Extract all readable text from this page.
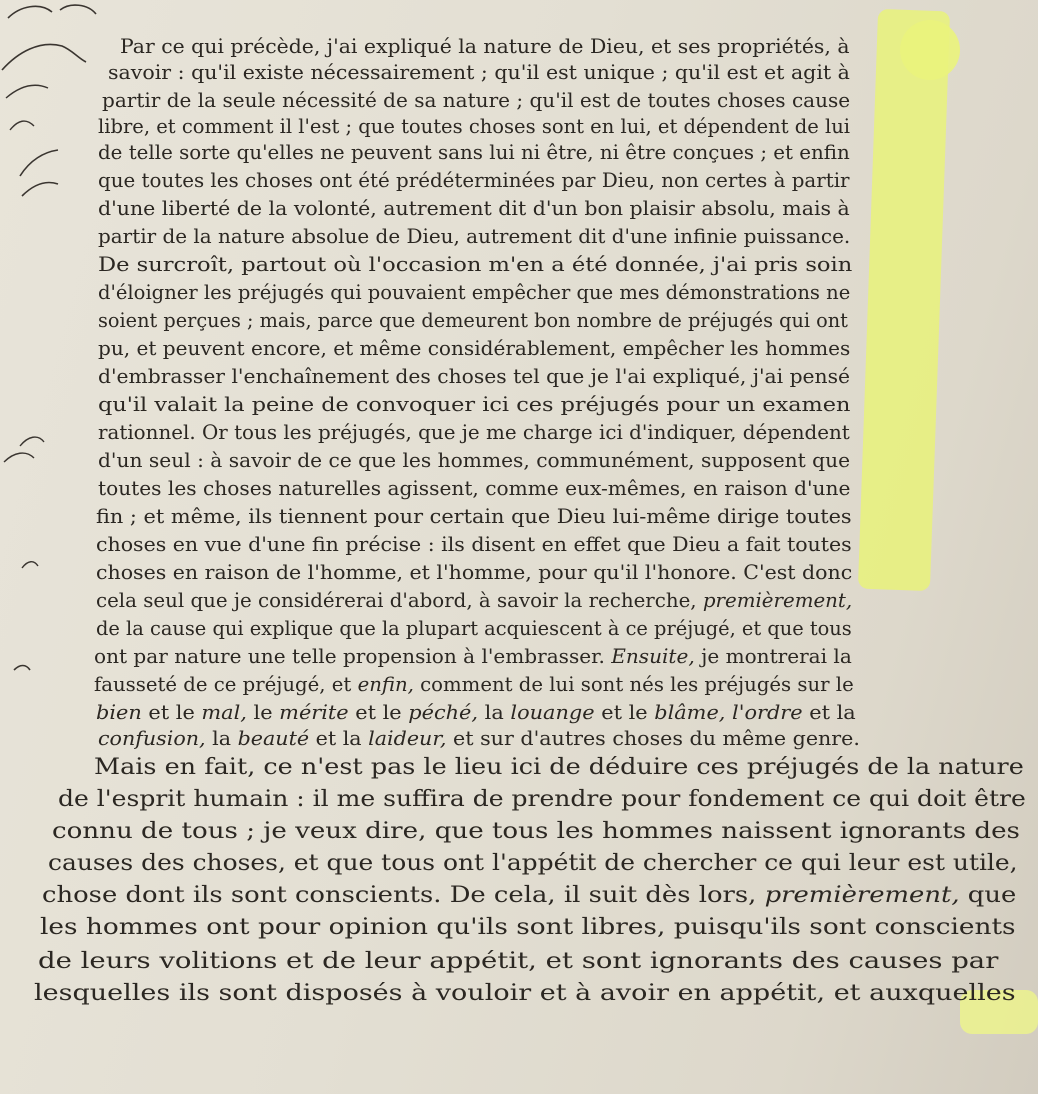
Par ce qui précède, j'ai expliqué la nature de Dieu, et ses propriétés, à
savoir : qu'il existe nécessairement ; qu'il est unique ; qu'il est et agit à
partir de la seule nécessité de sa nature ; qu'il est de toutes choses cause
libre, et comment il l'est ; que toutes choses sont en lui, et dépendent de lui
de telle sorte qu'elles ne peuvent sans lui ni être, ni être conçues ; et enfin
que toutes les choses ont été prédéterminées par Dieu, non certes à partir
d'une liberté de la volonté, autrement dit d'un bon plaisir absolu, mais à
partir de la nature absolue de Dieu, autrement dit d'une infinie puissance.
De surcroît, partout où l'occasion m'en a été donnée, j'ai pris soin
d'éloigner les préjugés qui pouvaient empêcher que mes démonstrations ne
soient perçues ; mais, parce que demeurent bon nombre de préjugés qui ont
pu, et peuvent encore, et même considérablement, empêcher les hommes
d'embrasser l'enchaînement des choses tel que je l'ai expliqué, j'ai pensé
qu'il valait la peine de convoquer ici ces préjugés pour un examen
rationnel. Or tous les préjugés, que je me charge ici d'indiquer, dépendent
d'un seul : à savoir de ce que les hommes, communément, supposent que
toutes les choses naturelles agissent, comme eux-mêmes, en raison d'une
fin ; et même, ils tiennent pour certain que Dieu lui-même dirige toutes
choses en vue d'une fin précise : ils disent en effet que Dieu a fait toutes
choses en raison de l'homme, et l'homme, pour qu'il l'honore. C'est donc
cela seul que je considérerai d'abord, à savoir la recherche, premièrement,
de la cause qui explique que la plupart acquiescent à ce préjugé, et que tous
ont par nature une telle propension à l'embrasser. Ensuite, je montrerai la
fausseté de ce préjugé, et enfin, comment de lui sont nés les préjugés sur le
bien et le mal, le mérite et le péché, la louange et le blâme, l'ordre et la
confusion, la beauté et la laideur, et sur d'autres choses du même genre.
Mais en fait, ce n'est pas le lieu ici de déduire ces préjugés de la nature
de l'esprit humain : il me suffira de prendre pour fondement ce qui doit être
connu de tous ; je veux dire, que tous les hommes naissent ignorants des
causes des choses, et que tous ont l'appétit de chercher ce qui leur est utile,
chose dont ils sont conscients. De cela, il suit dès lors, premièrement, que
les hommes ont pour opinion qu'ils sont libres, puisqu'ils sont conscients
de leurs volitions et de leur appétit, et sont ignorants des causes par
lesquelles ils sont disposés à vouloir et à avoir en appétit, et auxquelles
